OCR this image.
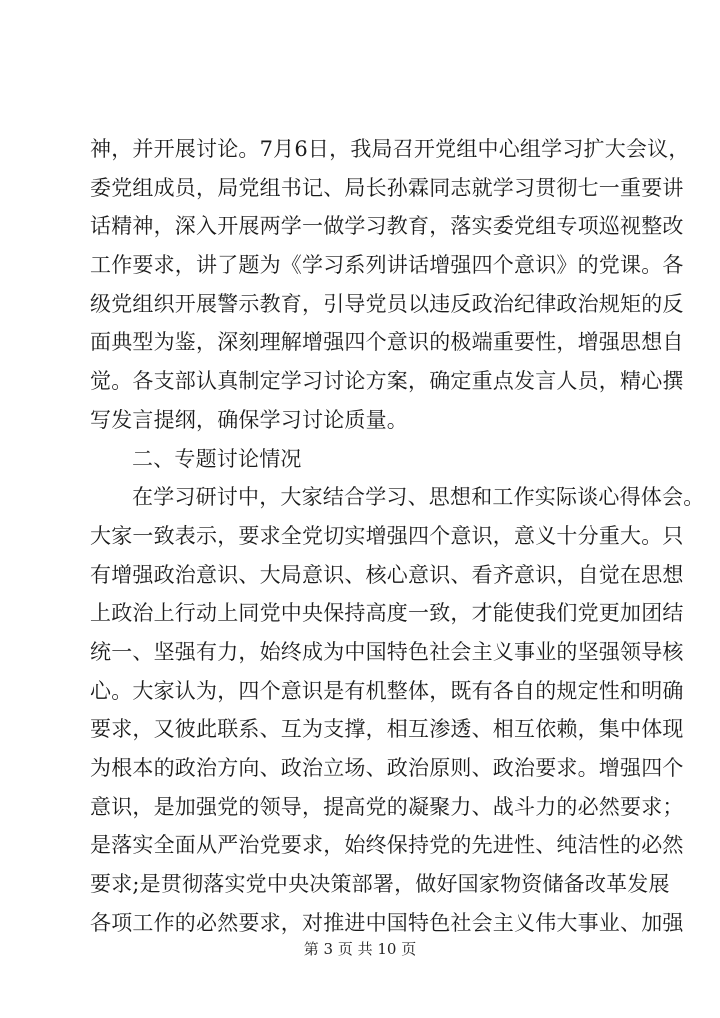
神，并开展讨论。7月6日，我局召开党组中心组学习扩大会议，
委党组成员，局党组书记、局长孙霖同志就学习贯彻七一重要讲
话精神，深入开展两学一做学习教育，落实委党组专项巡视整改
工作要求，讲了题为《学习系列讲话增强四个意识》的党课。各
级党组织开展警示教育，引导党员以违反政治纪律政治规矩的反
面典型为鉴，深刻理解增强四个意识的极端重要性，增强思想自
觉。各支部认真制定学习讨论方案，确定重点发言人员，精心撰
写发言提纲，确保学习讨论质量。
二、专题讨论情况
在学习研讨中，大家结合学习、思想和工作实际谈心得体会。
大家一致表示，要求全党切实增强四个意识，意义十分重大。只
有增强政治意识、大局意识、核心意识、看齐意识，自觉在思想
上政治上行动上同党中央保持高度一致，才能使我们党更加团结
统一、坚强有力，始终成为中国特色社会主义事业的坚强领导核
心。大家认为，四个意识是有机整体，既有各自的规定性和明确
要求，又彼此联系、互为支撑，相互渗透、相互依赖，集中体现
为根本的政治方向、政治立场、政治原则、政治要求。增强四个
意识，是加强党的领导，提高党的凝聚力、战斗力的必然要求；
是落实全面从严治党要求，始终保持党的先进性、纯洁性的必然
要求;是贯彻落实党中央决策部署，做好国家物资储备改革发展
各项工作的必然要求，对推进中国特色社会主义伟大事业、加强
第 3 页 共 10 页
